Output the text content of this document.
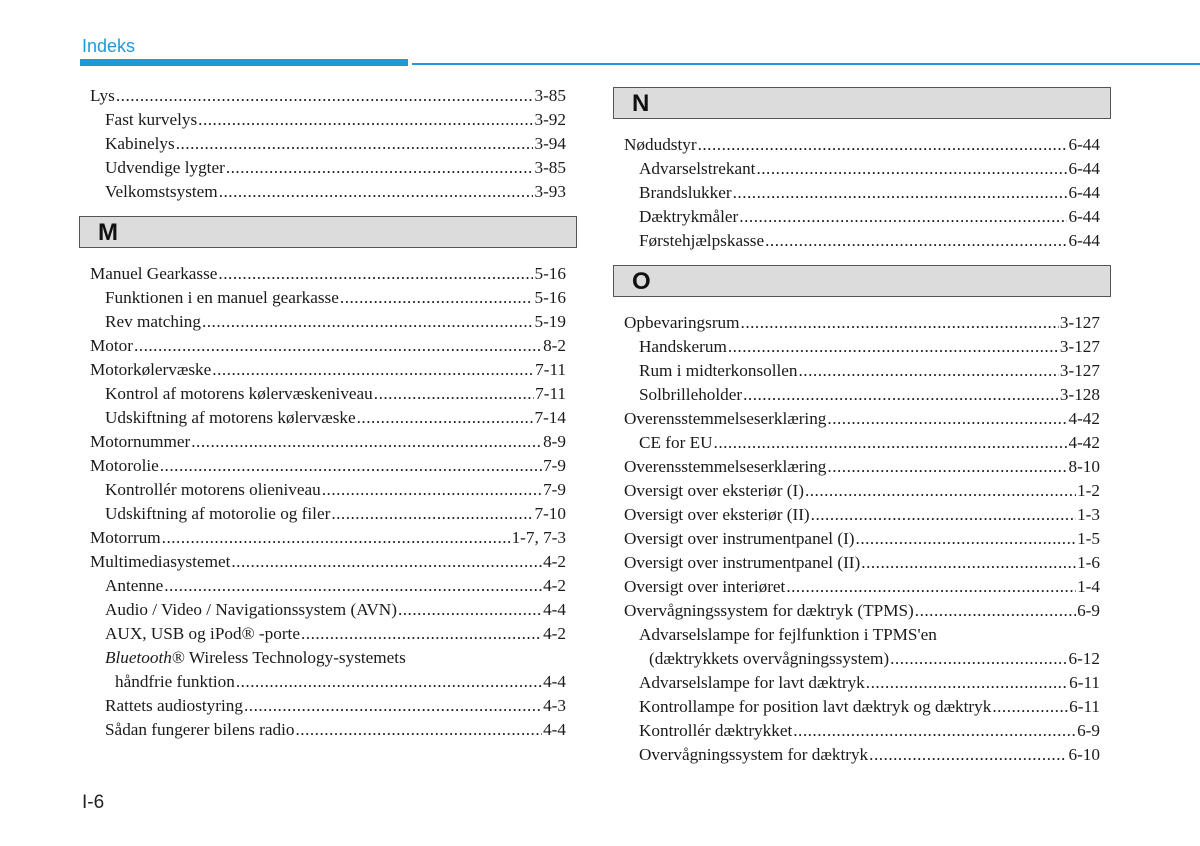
Indeks
Lys .....	3-85
Fast kurvelys .....	3-92
Kabinelys .....	3-94
Udvendige lygter .....	3-85
Velkomstsystem .....	3-93
M
Manuel Gearkasse .....	5-16
Funktionen i en manuel gearkasse .....	5-16
Rev matching .....	5-19
Motor .....	8-2
Motorkølervæske .....	7-11
Kontrol af motorens kølervæskeniveau .....	7-11
Udskiftning af motorens kølervæske .....	7-14
Motornummer .....	8-9
Motorolie .....	7-9
Kontrollér motorens olieniveau .....	7-9
Udskiftning af motorolie og filer .....	7-10
Motorrum .....	1-7, 7-3
Multimediasystemet .....	4-2
Antenne .....	4-2
Audio / Video / Navigationssystem (AVN) .....	4-4
AUX, USB og iPod® -porte .....	4-2
Bluetooth® Wireless Technology-systemets
håndfrie funktion .....	4-4
Rattets audiostyring .....	4-3
Sådan fungerer bilens radio .....	4-4
N
Nødudstyr .....	6-44
Advarselstrekant .....	6-44
Brandslukker .....	6-44
Dæktrykmåler .....	6-44
Førstehjælpskasse .....	6-44
O
Opbevaringsrum .....	3-127
Handskerum .....	3-127
Rum i midterkonsollen .....	3-127
Solbrilleholder .....	3-128
Overensstemmelseserklæring .....	4-42
CE for EU .....	4-42
Overensstemmelseserklæring .....	8-10
Oversigt over eksteriør (I) .....	1-2
Oversigt over eksteriør (II) .....	1-3
Oversigt over instrumentpanel (I) .....	1-5
Oversigt over instrumentpanel (II) .....	1-6
Oversigt over interiøret .....	1-4
Overvågningssystem for dæktryk (TPMS) .....	6-9
Advarselslampe for fejlfunktion i TPMS'en
(dæktrykkets overvågningssystem) .....	6-12
Advarselslampe for lavt dæktryk .....	6-11
Kontrollampe for position lavt dæktryk og dæktryk .....	6-11
Kontrollér dæktrykket .....	6-9
Overvågningssystem for dæktryk .....	6-10
I-6
